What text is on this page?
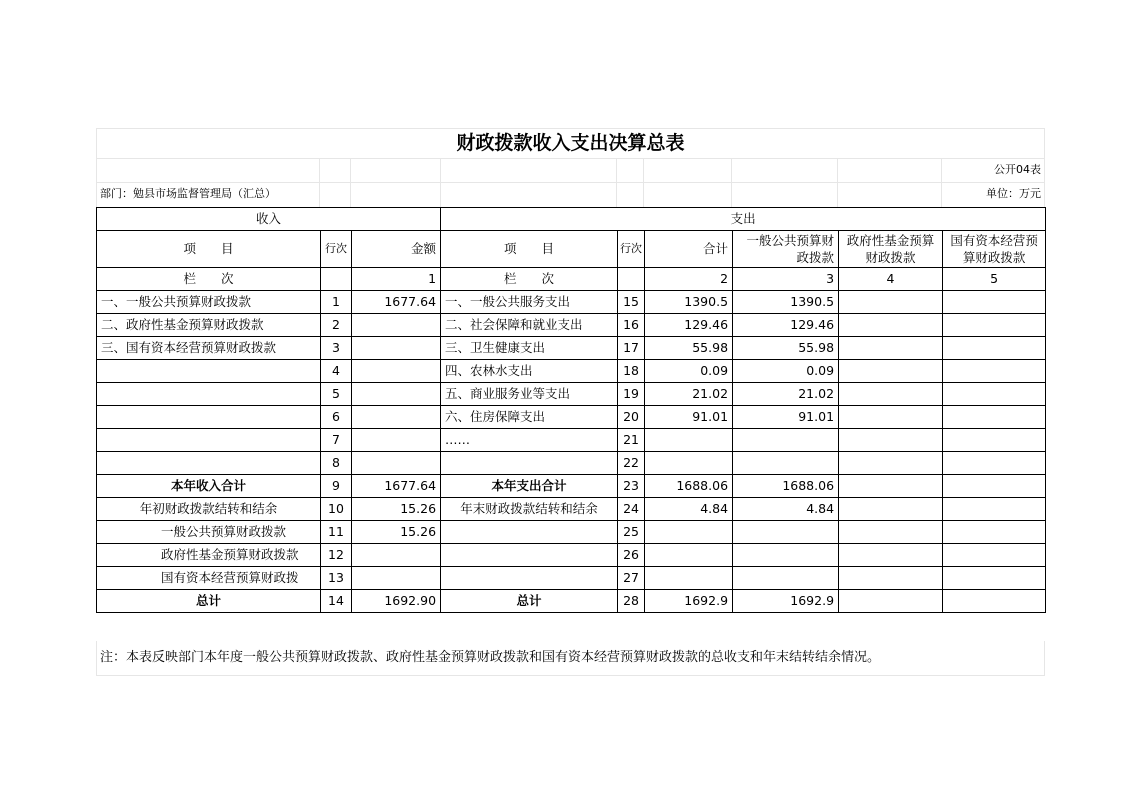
财政拨款收入支出决算总表
公开04表
部门：勉县市场监督管理局（汇总）	单位：万元
收入			支出					
项　　目	行次	金额	项　　目	行次	合计	一般公共预算财政拨款	政府性基金预算财政拨款	国有资本经营预算财政拨款
栏　　次		1	栏　　次		2	3	4	5
一、一般公共预算财政拨款	1	1677.64	一、一般公共服务支出	15	1390.5	1390.5		
二、政府性基金预算财政拨款	2		二、社会保障和就业支出	16	129.46	129.46		
三、国有资本经营预算财政拨款	3		三、卫生健康支出	17	55.98	55.98		
	4		四、农林水支出	18	0.09	0.09		
	5		五、商业服务业等支出	19	21.02	21.02		
	6		六、住房保障支出	20	91.01	91.01		
	7		……	21				
	8			22				
本年收入合计	9	1677.64	本年支出合计	23	1688.06	1688.06		
年初财政拨款结转和结余	10	15.26	年末财政拨款结转和结余	24	4.84	4.84		
一般公共预算财政拨款	11	15.26		25				
政府性基金预算财政拨款	12			26				
国有资本经营预算财政拨	13			27				
总计	14	1692.90	总计	28	1692.9	1692.9		
注：本表反映部门本年度一般公共预算财政拨款、政府性基金预算财政拨款和国有资本经营预算财政拨款的总收支和年末结转结余情况。
